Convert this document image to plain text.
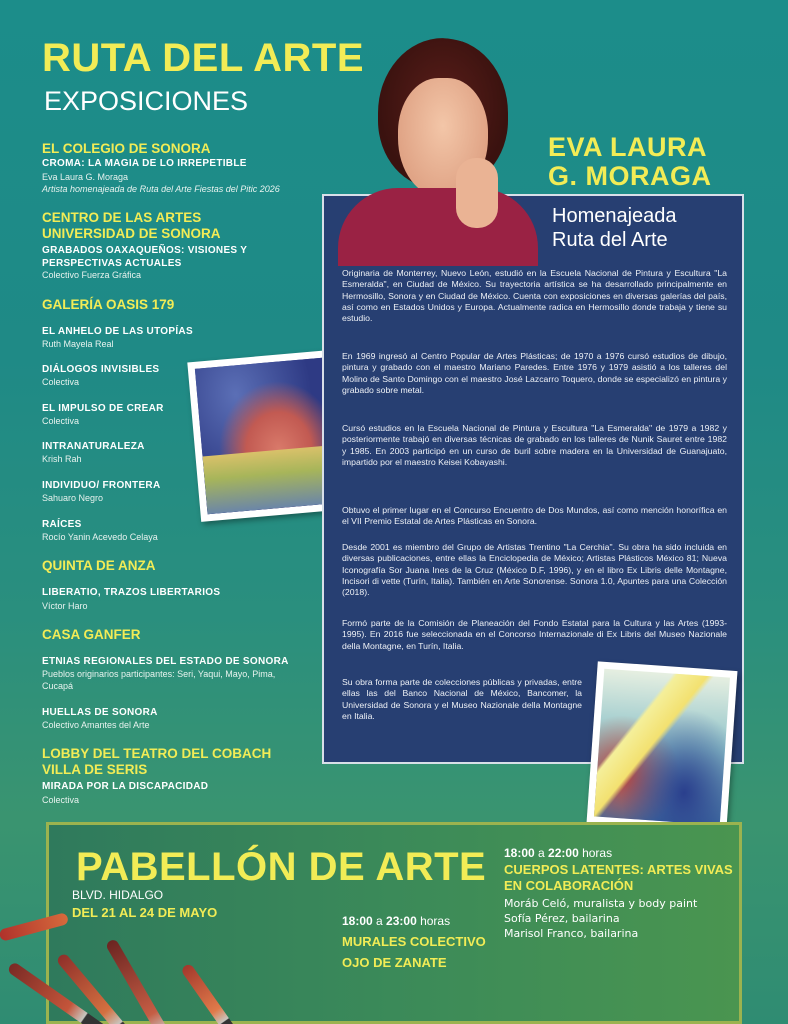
RUTA DEL ARTE
EXPOSICIONES
EL COLEGIO DE SONORA
CROMA: LA MAGIA DE LO IRREPETIBLE
Eva Laura G. Moraga
Artista homenajeada de Ruta del Arte Fiestas del Pitic 2026
CENTRO DE LAS ARTES UNIVERSIDAD DE SONORA
GRABADOS OAXAQUEÑOS: VISIONES Y PERSPECTIVAS ACTUALES
Colectivo Fuerza Gráfica
GALERÍA OASIS 179
EL ANHELO DE LAS UTOPÍAS
Ruth Mayela Real
DIÁLOGOS INVISIBLES
Colectiva
EL IMPULSO DE CREAR
Colectiva
INTRANATURALEZA
Krish Rah
INDIVIDUO/ FRONTERA
Sahuaro Negro
RAÍCES
Rocío Yanin Acevedo Celaya
QUINTA DE ANZA
LIBERATIO, TRAZOS LIBERTARIOS
Víctor Haro
CASA GANFER
ETNIAS REGIONALES DEL ESTADO DE SONORA
Pueblos originarios participantes: Seri, Yaqui, Mayo, Pima, Cucapá
HUELLAS DE SONORA
Colectivo Amantes del Arte
LOBBY DEL TEATRO DEL COBACH VILLA DE SERIS
MIRADA POR LA DISCAPACIDAD
Colectiva
EVA LAURA
G. MORAGA
Homenajeada
Ruta del Arte

Originaria de Monterrey, Nuevo León, estudió en la Escuela Nacional de Pintura y Escultura "La Esmeralda", en Ciudad de México. Su trayectoria artística se ha desarrollado principalmente en Hermosillo, Sonora y en Ciudad de México. Cuenta con exposiciones en diversas galerías del país, así como en Estados Unidos y Europa. Actualmente radica en Hermosillo donde trabaja y tiene su estudio.

En 1969 ingresó al Centro Popular de Artes Plásticas; de 1970 a 1976 cursó estudios de dibujo, pintura y grabado con el maestro Mariano Paredes. Entre 1976 y 1979 asistió a los talleres del Molino de Santo Domingo con el maestro José Lazcarro Toquero, donde se especializó en pintura y grabado sobre metal.

Cursó estudios en la Escuela Nacional de Pintura y Escultura "La Esmeralda" de 1979 a 1982 y posteriormente trabajó en diversas técnicas de grabado en los talleres de Nunik Sauret entre 1982 y 1985. En 2003 participó en un curso de buril sobre madera en la Universidad de Guanajuato, impartido por el maestro Keisei Kobayashi.

Obtuvo el primer lugar en el Concurso Encuentro de Dos Mundos, así como mención honorífica en el VII Premio Estatal de Artes Plásticas en Sonora.

Desde 2001 es miembro del Grupo de Artistas Trentino "La Cerchia". Su obra ha sido incluida en diversas publicaciones, entre ellas la Enciclopedia de México; Artistas Plásticos México 81; Nueva Iconografía Sor Juana Ines de la Cruz (México D.F, 1996), y en el libro Ex Libris delle Montagne, Incisori di vette (Turín, Italia). También en Arte Sonorense. Sonora 1.0, Apuntes para una Colección (2018).

Formó parte de la Comisión de Planeación del Fondo Estatal para la Cultura y las Artes (1993-1995). En 2016 fue seleccionada en el Concorso Internazionale di Ex Libris del Museo Nazionale della Montagne, en Turín, Italia.

Su obra forma parte de colecciones públicas y privadas, entre ellas las del Banco Nacional de México, Bancomer, la Universidad de Sonora y el Museo Nazionale della Montagne en Italia.

PABELLÓN DE ARTE
BLVD. HIDALGO
DEL 21 AL 24 DE MAYO
18:00 a 23:00 horas
MURALES COLECTIVO OJO DE ZANATE
18:00 a 22:00 horas
CUERPOS LATENTES: ARTES VIVAS EN COLABORACIÓN
Moráb Celó, muralista y body paint
Sofía Pérez, bailarina
Marisol Franco, bailarina
